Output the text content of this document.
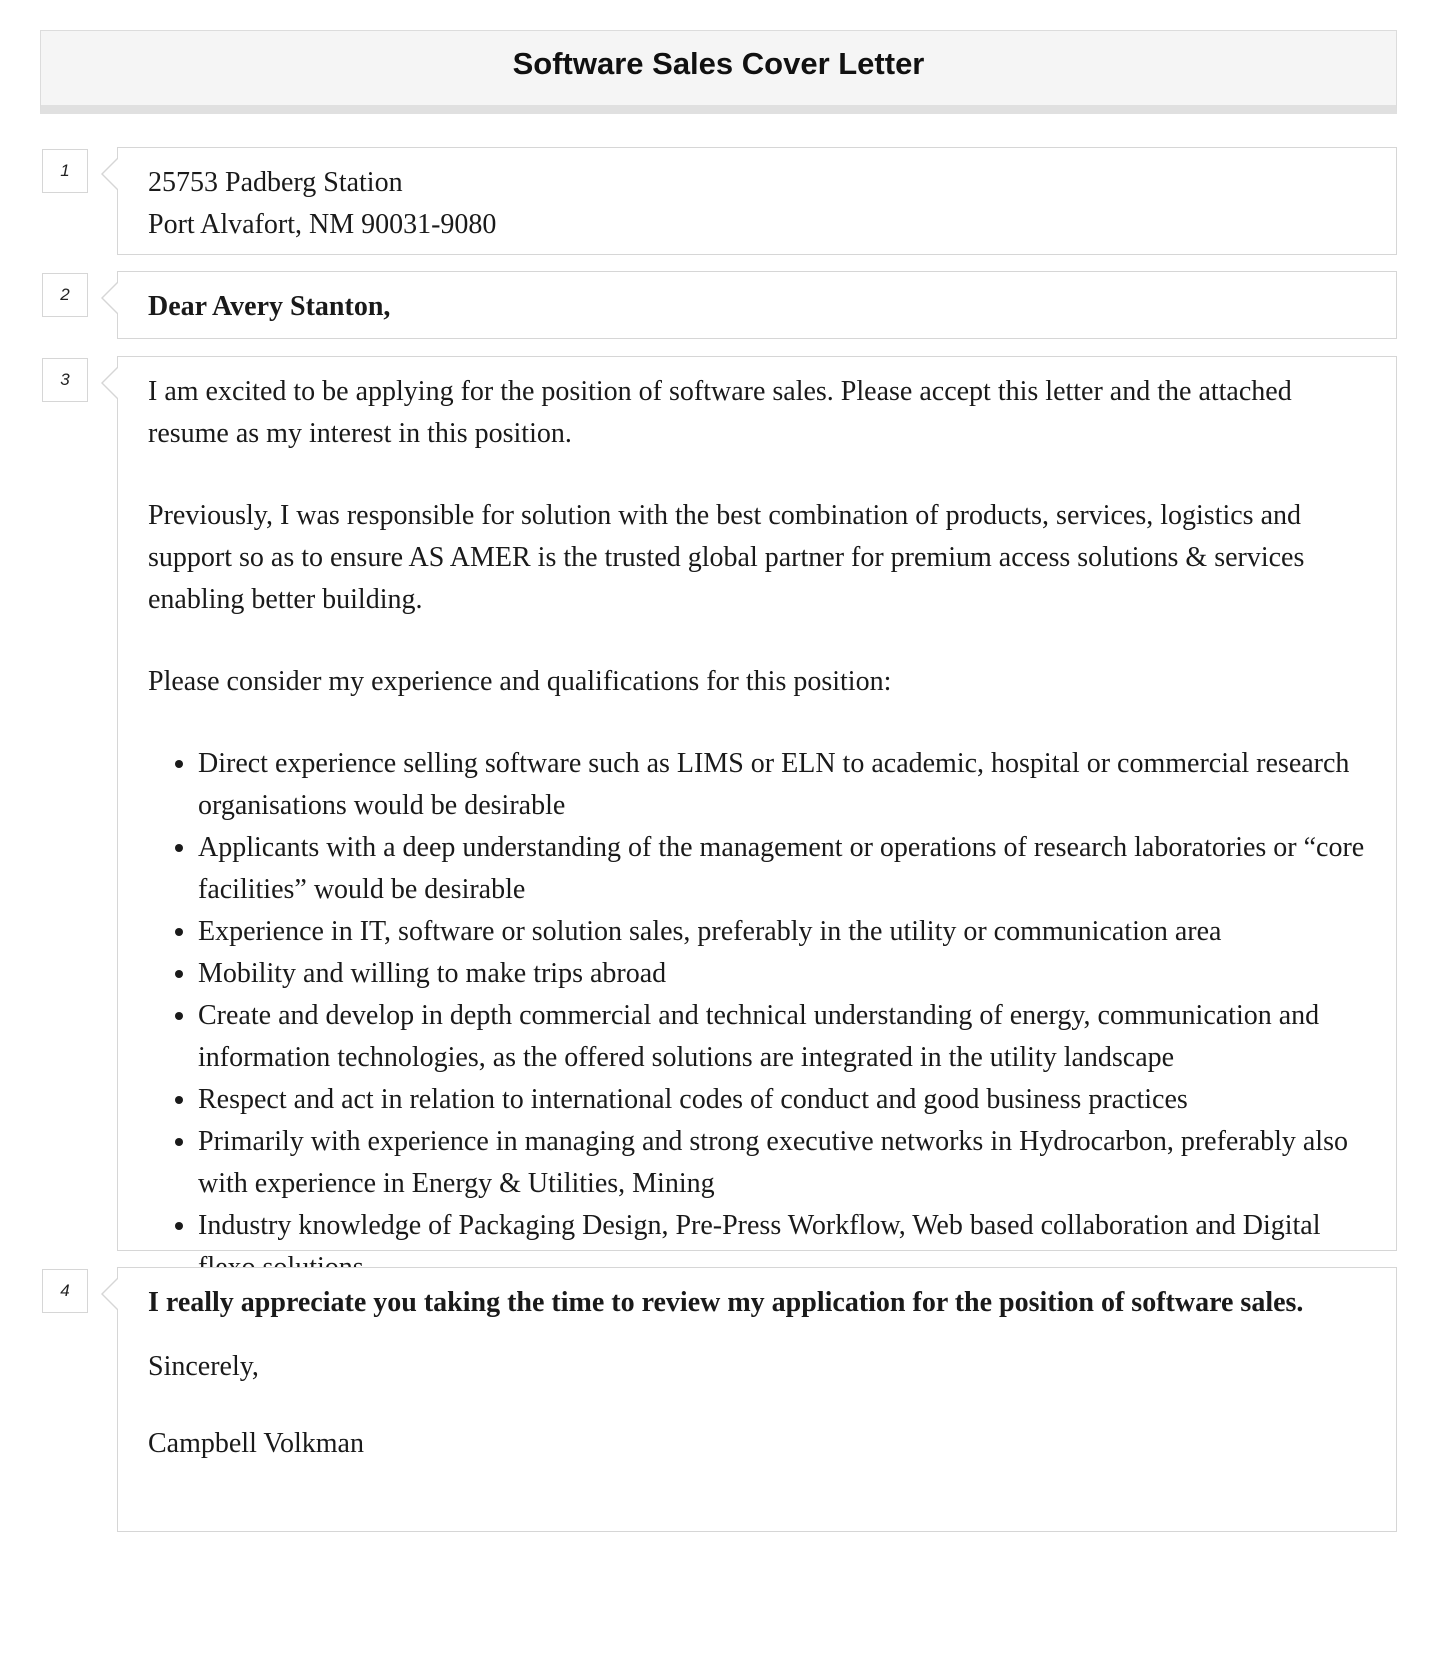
Software Sales Cover Letter
1	25753 Padberg Station

Port Alvafort, NM 90031-9080

2	Dear Avery Stanton,

3	I am excited to be applying for the position of software sales. Please accept this letter and the attached resume as my interest in this position.

Previously, I was responsible for solution with the best combination of products, services, logistics and support so as to ensure AS AMER is the trusted global partner for premium access solutions & services enabling better building.

Please consider my experience and qualifications for this position:

• Direct experience selling software such as LIMS or ELN to academic, hospital or commercial research organisations would be desirable
• Applicants with a deep understanding of the management or operations of research laboratories or “core facilities” would be desirable
• Experience in IT, software or solution sales, preferably in the utility or communication area
• Mobility and willing to make trips abroad
• Create and develop in depth commercial and technical understanding of energy, communication and information technologies, as the offered solutions are integrated in the utility landscape
• Respect and act in relation to international codes of conduct and good business practices
• Primarily with experience in managing and strong executive networks in Hydrocarbon, preferably also with experience in Energy & Utilities, Mining
• Industry knowledge of Packaging Design, Pre-Press Workflow, Web based collaboration and Digital
4	I really appreciate you taking the time to review my application for the position of software sales.

Sincerely,

Campbell Volkman
